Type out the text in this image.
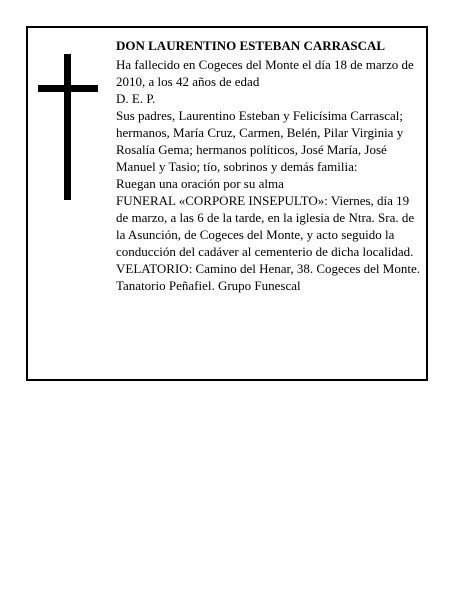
DON LAURENTINO ESTEBAN CARRASCAL

Ha fallecido en Cogeces del Monte el día 18 de marzo de 2010, a los 42 años de edad

D. E. P.

Sus padres, Laurentino Esteban y Felicísima Carrascal; hermanos, María Cruz, Carmen, Belén, Pilar Virginia y Rosalía Gema; hermanos políticos, José María, José Manuel y Tasio; tío, sobrinos y demás familia:

Ruegan una oración por su alma

FUNERAL «CORPORE INSEPULTO»: Viernes, día 19 de marzo, a las 6 de la tarde, en la iglesia de Ntra. Sra. de la Asunción, de Cogeces del Monte, y acto seguido la conducción del cadáver al cementerio de dicha localidad.

VELATORIO: Camino del Henar, 38. Cogeces del Monte.

Tanatorio Peñafiel. Grupo Funescal
